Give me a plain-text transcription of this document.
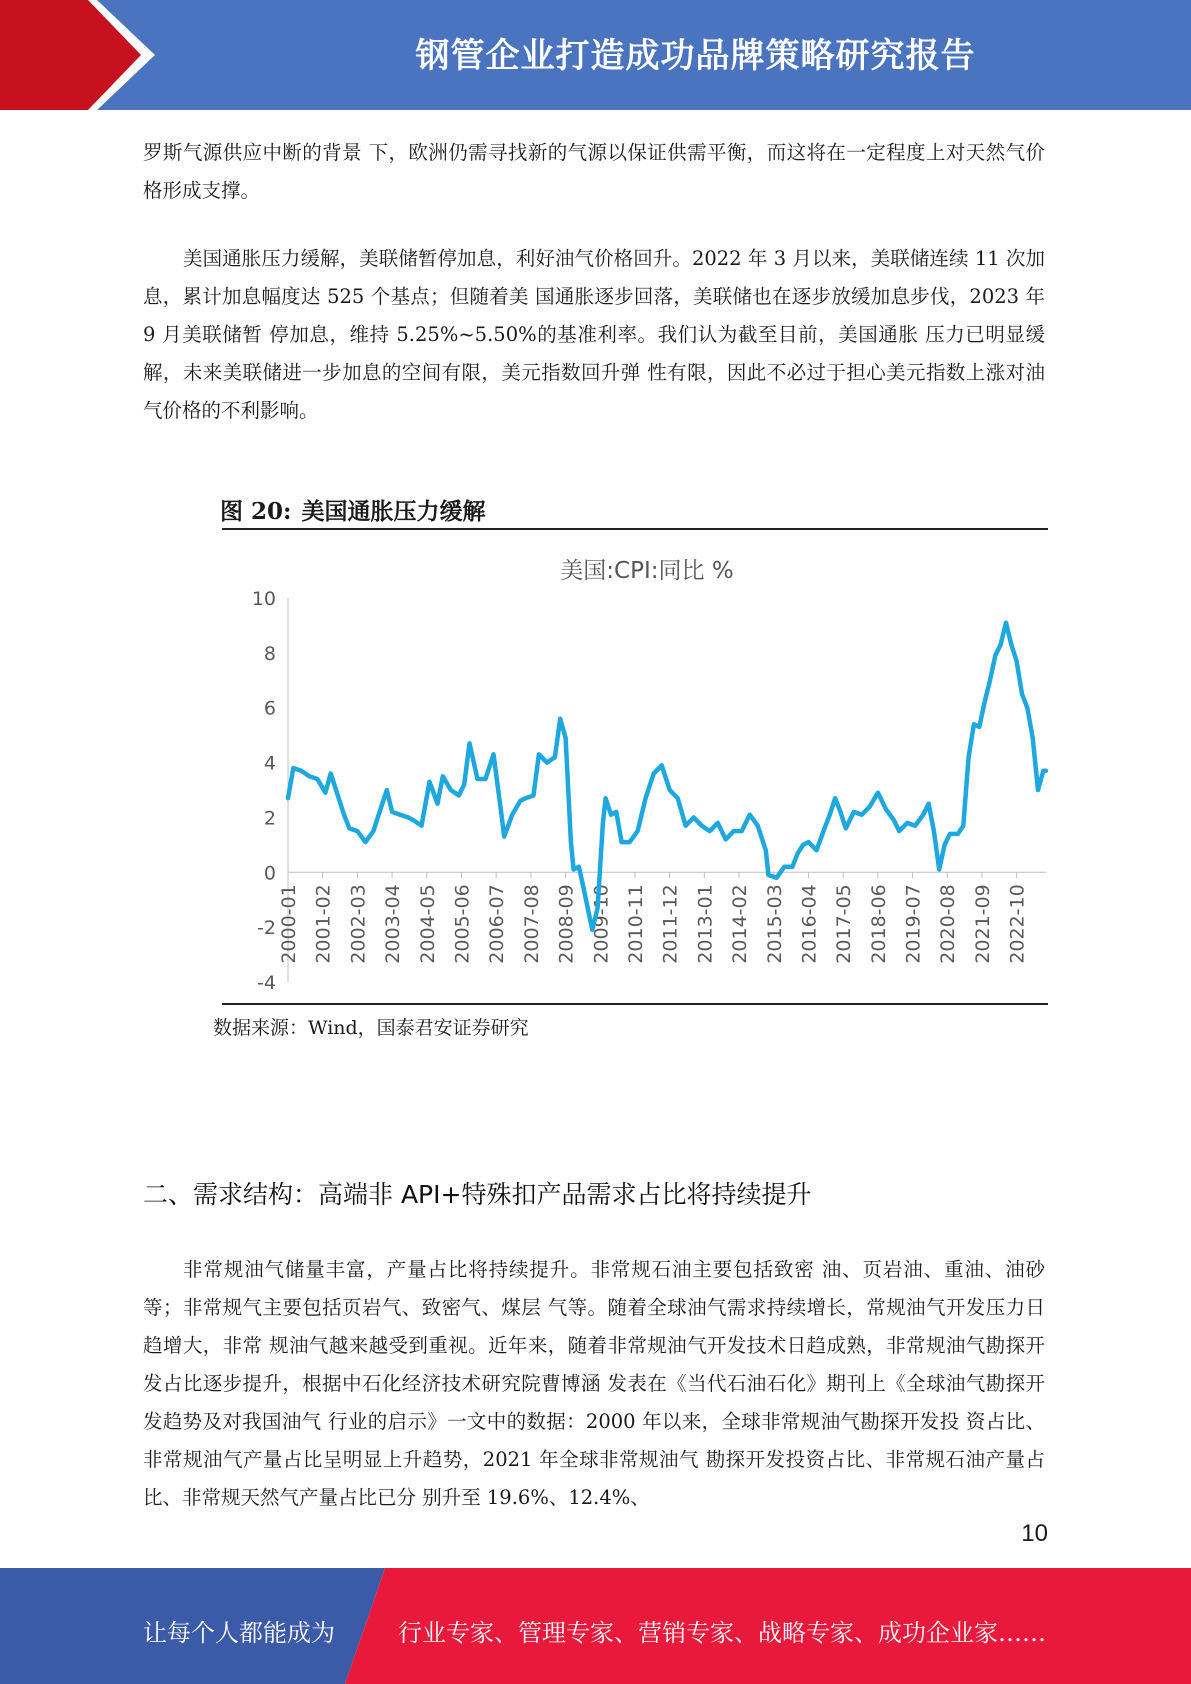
钢管企业打造成功品牌策略研究报告

罗斯气源供应中断的背景 下，欧洲仍需寻找新的气源以保证供需平衡，而这将在一定程度上对天然气价格形成支撑。

美国通胀压力缓解，美联储暂停加息，利好油气价格回升。2022 年 3 月以来，美联储连续 11 次加息，累计加息幅度达 525 个基点；但随着美 国通胀逐步回落，美联储也在逐步放缓加息步伐，2023 年 9 月美联储暂 停加息，维持 5.25%~5.50%的基准利率。我们认为截至目前，美国通胀 压力已明显缓解，未来美联储进一步加息的空间有限，美元指数回升弹 性有限，因此不必过于担心美元指数上涨对油气价格的不利影响。

图 20: 美国通胀压力缓解
美国:CPI:同比 %
-4
-2
0
2
4
6
8
10
2000-01 2001-02 2002-03 2003-04 2004-05 2005-06 2006-07 2007-08 2008-09 2009-10 2010-11 2011-12 2013-01 2014-02 2015-03 2016-04 2017-05 2018-06 2019-07 2020-08 2021-09 2022-10
数据来源：Wind，国泰君安证券研究
二、需求结构：高端非 API+特殊扣产品需求占比将持续提升

非常规油气储量丰富，产量占比将持续提升。非常规石油主要包括致密 油、页岩油、重油、油砂等；非常规气主要包括页岩气、致密气、煤层 气等。随着全球油气需求持续增长，常规油气开发压力日趋增大，非常 规油气越来越受到重视。近年来，随着非常规油气开发技术日趋成熟，非常规油气勘探开发占比逐步提升，根据中石化经济技术研究院曹博涵 发表在《当代石油石化》期刊上《全球油气勘探开发趋势及对我国油气 行业的启示》一文中的数据：2000 年以来，全球非常规油气勘探开发投 资占比、非常规油气产量占比呈明显上升趋势，2021 年全球非常规油气 勘探开发投资占比、非常规石油产量占比、非常规天然气产量占比已分 别升至 19.6%、12.4%、

10
让每个人都能成为	行业专家、管理专家、营销专家、战略专家、成功企业家……
